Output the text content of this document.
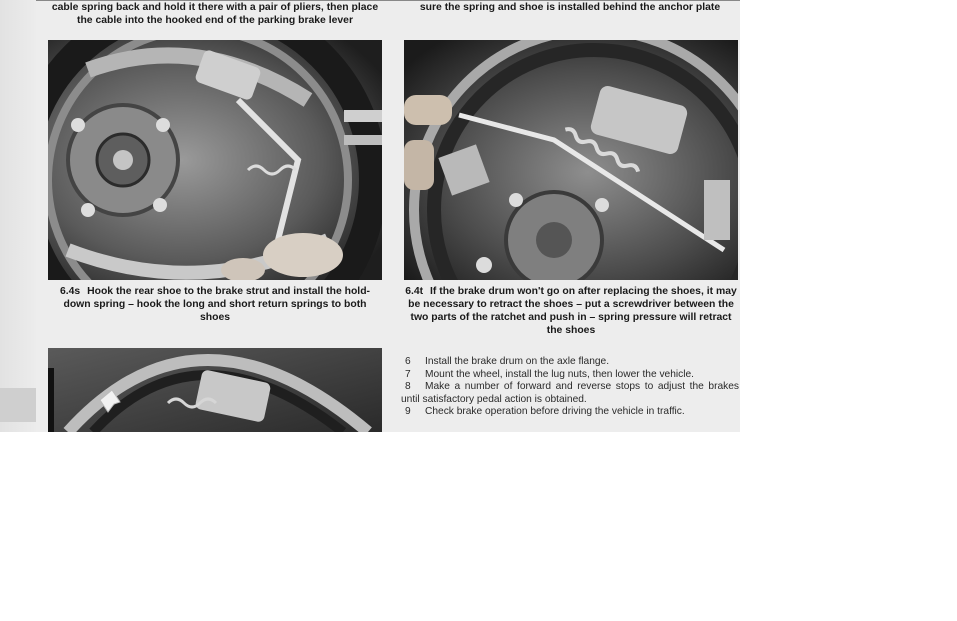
cable spring back and hold it there with a pair of pliers, then place
the cable into the hooked end of the parking brake lever
sure the spring and shoe is installed behind the anchor plate
6.4s Hook the rear shoe to the brake strut and install the hold-down spring – hook the long and short return springs to both shoes
6.4t If the brake drum won't go on after replacing the shoes, it may be necessary to retract the shoes – put a screwdriver between the two parts of the ratchet and push in – spring pressure will retract the shoes
6 Install the brake drum on the axle flange.
7 Mount the wheel, install the lug nuts, then lower the vehicle.
8 Make a number of forward and reverse stops to adjust the brakes until satisfactory pedal action is obtained.
9 Check brake operation before driving the vehicle in traffic.
